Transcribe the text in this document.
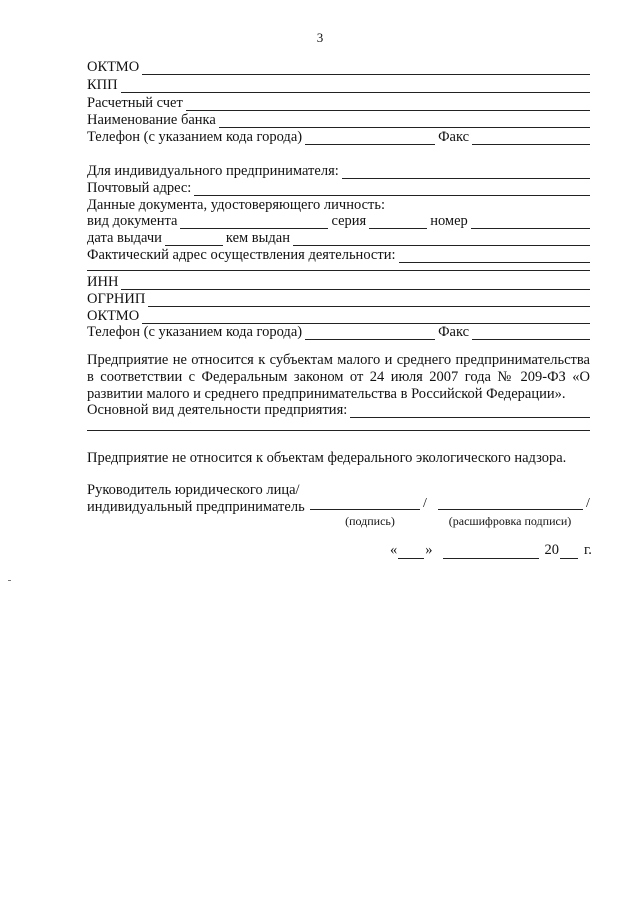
3
ОКТМО
КПП
Расчетный счет
Наименование банка
Телефон (с указанием кода города)	Факс
Для индивидуального предпринимателя:
Почтовый адрес:
Данные документа, удостоверяющего личность:
вид документа	серия	номер
дата выдачи	кем выдан
Фактический адрес осуществления деятельности:
ИНН
ОГРНИП
ОКТМО
Телефон (с указанием кода города)	Факс
Предприятие не относится к субъектам малого и среднего предпринимательства в соответствии с Федеральным законом от 24 июля 2007 года № 209-ФЗ «О развитии малого и среднего предпринимательства в Российской Федерации».
Основной вид деятельности предприятия:
Предприятие не относится к объектам федерального экологического надзора.
Руководитель юридического лица/
индивидуальный предприниматель	/	/
(подпись)	(расшифровка подписи)
« »	20 г.
